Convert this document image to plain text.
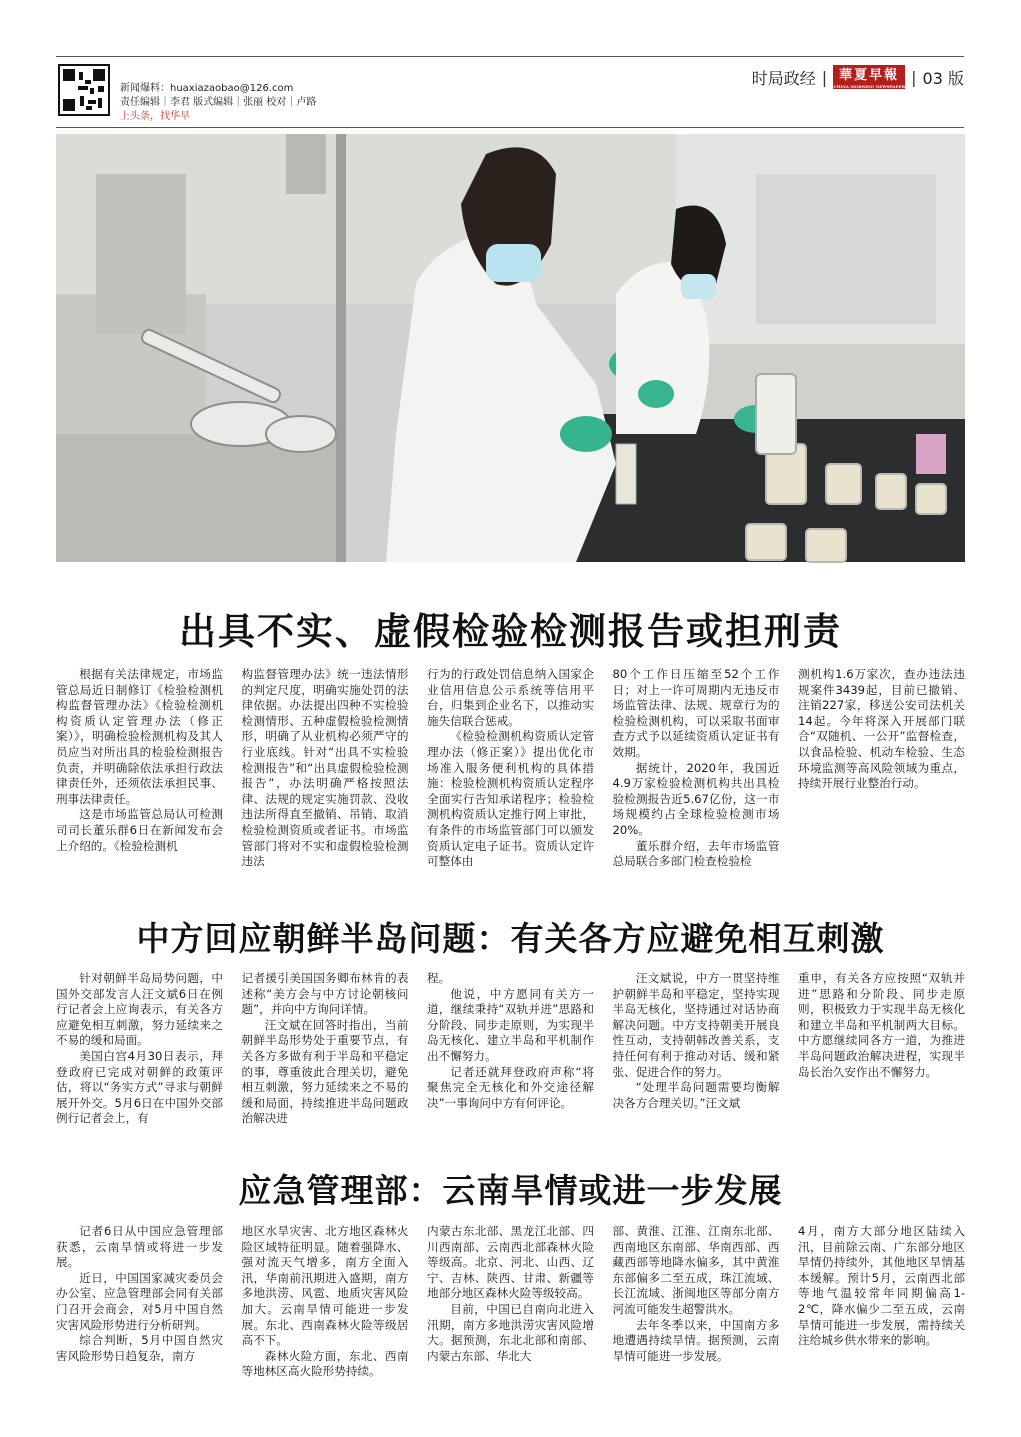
新闻爆料：huaxiazaobao@126.com
责任编辑｜李君 版式编辑｜张丽 校对｜卢路
上头条，找华早
时局政经 | 華夏早報
CHINA MORNING NEWSPAPER | 03 版
出具不实、虚假检验检测报告或担刑责

根据有关法律规定，市场监管总局近日制修订《检验检测机构监督管理办法》《检验检测机构资质认定管理办法（修正案）》，明确检验检测机构及其人员应当对所出具的检验检测报告负责，并明确除依法承担行政法律责任外，还须依法承担民事、刑事法律责任。

这是市场监管总局认可检测司司长董乐群6日在新闻发布会上介绍的。《检验检测机

构监督管理办法》统一违法情形的判定尺度，明确实施处罚的法律依据。办法提出四种不实检验检测情形、五种虚假检验检测情形，明确了从业机构必须严守的行业底线。针对“出具不实检验检测报告”和“出具虚假检验检测报告”，办法明确严格按照法律、法规的规定实施罚款、没收违法所得直至撤销、吊销、取消检验检测资质或者证书。市场监管部门将对不实和虚假检验检测违法

行为的行政处罚信息纳入国家企业信用信息公示系统等信用平台，归集到企业名下，以推动实施失信联合惩戒。

《检验检测机构资质认定管理办法（修正案）》提出优化市场准入服务便利机构的具体措施：检验检测机构资质认定程序全面实行告知承诺程序；检验检测机构资质认定推行网上审批，有条件的市场监管部门可以颁发资质认定电子证书。资质认定许可整体由

80个工作日压缩至52个工作日；对上一许可周期内无违反市场监管法律、法规、规章行为的检验检测机构，可以采取书面审查方式予以延续资质认定证书有效期。

据统计，2020年，我国近4.9万家检验检测机构共出具检验检测报告近5.67亿份，这一市场规模约占全球检验检测市场20%。

董乐群介绍，去年市场监管总局联合多部门检查检验检

测机构1.6万家次，查办违法违规案件3439起，目前已撤销、注销227家，移送公安司法机关14起。今年将深入开展部门联合“双随机、一公开”监督检查，以食品检验、机动车检验、生态环境监测等高风险领域为重点，持续开展行业整治行动。

中方回应朝鲜半岛问题：有关各方应避免相互刺激

针对朝鲜半岛局势问题，中国外交部发言人汪文斌6日在例行记者会上应询表示，有关各方应避免相互刺激，努力延续来之不易的缓和局面。

美国白宫4月30日表示，拜登政府已完成对朝鲜的政策评估，将以“务实方式”寻求与朝鲜展开外交。5月6日在中国外交部例行记者会上，有

记者援引美国国务卿布林肯的表述称“美方会与中方讨论朝核问题”，并向中方询问详情。

汪文斌在回答时指出，当前朝鲜半岛形势处于重要节点，有关各方多做有利于半岛和平稳定的事，尊重彼此合理关切，避免相互刺激，努力延续来之不易的缓和局面，持续推进半岛问题政治解决进

程。

他说，中方愿同有关方一道，继续秉持“双轨并进”思路和分阶段、同步走原则，为实现半岛无核化、建立半岛和平机制作出不懈努力。

记者还就拜登政府声称“将聚焦完全无核化和外交途径解决”一事询问中方有何评论。

汪文斌说，中方一贯坚持维护朝鲜半岛和平稳定，坚持实现半岛无核化，坚持通过对话协商解决问题。中方支持朝美开展良性互动，支持朝韩改善关系，支持任何有利于推动对话、缓和紧张、促进合作的努力。

“处理半岛问题需要均衡解决各方合理关切。”汪文斌

重申，有关各方应按照“双轨并进”思路和分阶段、同步走原则，积极致力于实现半岛无核化和建立半岛和平机制两大目标。中方愿继续同各方一道，为推进半岛问题政治解决进程，实现半岛长治久安作出不懈努力。

应急管理部：云南旱情或进一步发展

记者6日从中国应急管理部获悉，云南旱情或将进一步发展。

近日，中国国家减灾委员会办公室、应急管理部会同有关部门召开会商会，对5月中国自然灾害风险形势进行分析研判。

综合判断，5月中国自然灾害风险形势日趋复杂，南方

地区水旱灾害、北方地区森林火险区域特征明显。随着强降水、强对流天气增多，南方全面入汛，华南前汛期进入盛期，南方多地洪涝、风雹、地质灾害风险加大。云南旱情可能进一步发展。东北、西南森林火险等级居高不下。

森林火险方面，东北、西南等地林区高火险形势持续。

内蒙古东北部、黑龙江北部、四川西南部、云南西北部森林火险等级高。北京、河北、山西、辽宁、吉林、陕西、甘肃、新疆等地部分地区森林火险等级较高。

目前，中国已自南向北进入汛期，南方多地洪涝灾害风险增大。据预测，东北北部和南部、内蒙古东部、华北大

部、黄淮、江淮、江南东北部、西南地区东南部、华南西部、西藏西部等地降水偏多，其中黄淮东部偏多二至五成，珠江流域、长江流域、浙闽地区等部分南方河流可能发生超警洪水。

去年冬季以来，中国南方多地遭遇持续旱情。据预测，云南旱情可能进一步发展。

4月，南方大部分地区陆续入汛，目前除云南、广东部分地区旱情仍持续外，其他地区旱情基本缓解。预计5月，云南西北部等地气温较常年同期偏高1-2℃，降水偏少二至五成，云南旱情可能进一步发展，需持续关注给城乡供水带来的影响。
